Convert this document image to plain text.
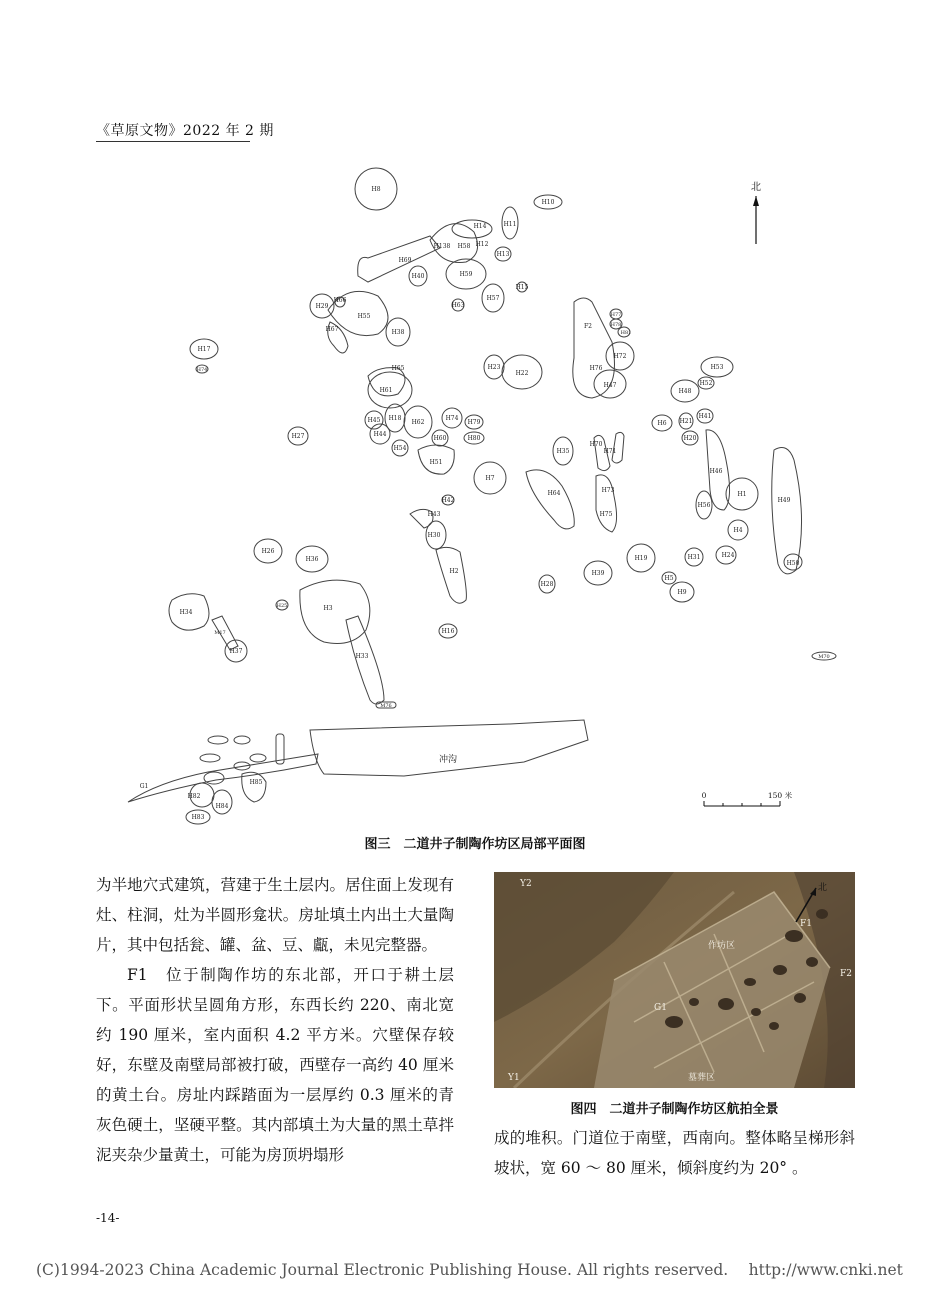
《草原文物》2022 年 2 期
北
H8
H10
H11
H14
H12
H13
H58
H138
H69
H40	H59
H15
H57
H63
H29
H66
H55
H67	H38
H17
H74
F2
H77
H78
H81
H72
H76
H47
H23
H22
H65
H61
H45 H18
H62
H44
H54
H74
H79
H80
H60
H27
H53
H52
H48
H6 H21
H41
H20
H35
H70
H71
H51
H7
H64
H46
H1
H49
H73
H75
H42
H43
H56
H4
H30
H26
H36
H2
H19	H31	H24
H50
H39
H28
H5
H9
H34
H25	H3
M17
H37
H16
H33	M70
M76
冲沟
G1
H82
H85
H84
H83
0	150 米
图三　二道井子制陶作坊区局部平面图

为半地穴式建筑，营建于生土层内。居住面上发现有灶、柱洞，灶为半圆形龛状。房址填土内出土大量陶片，其中包括瓮、罐、盆、豆、甗，未见完整器。

F1　位于制陶作坊的东北部，开口于耕土层下。平面形状呈圆角方形，东西长约 220、南北宽约 190 厘米，室内面积 4.2 平方米。穴壁保存较好，东壁及南壁局部被打破，西壁存一高约 40 厘米的黄土台。房址内踩踏面为一层厚约 0.3 厘米的青灰色硬土，坚硬平整。其内部填土为大量的黑土草拌泥夹杂少量黄土，可能为房顶坍塌形

Y2	北
F1
作坊区
F2
G1
Y1	墓葬区
图四　二道井子制陶作坊区航拍全景

成的堆积。门道位于南壁，西南向。整体略呈梯形斜坡状，宽 60 ～ 80 厘米，倾斜度约为 20° 。

-14-
(C)1994-2023 China Academic Journal Electronic Publishing House. All rights reserved.　 http://www.cnki.net
